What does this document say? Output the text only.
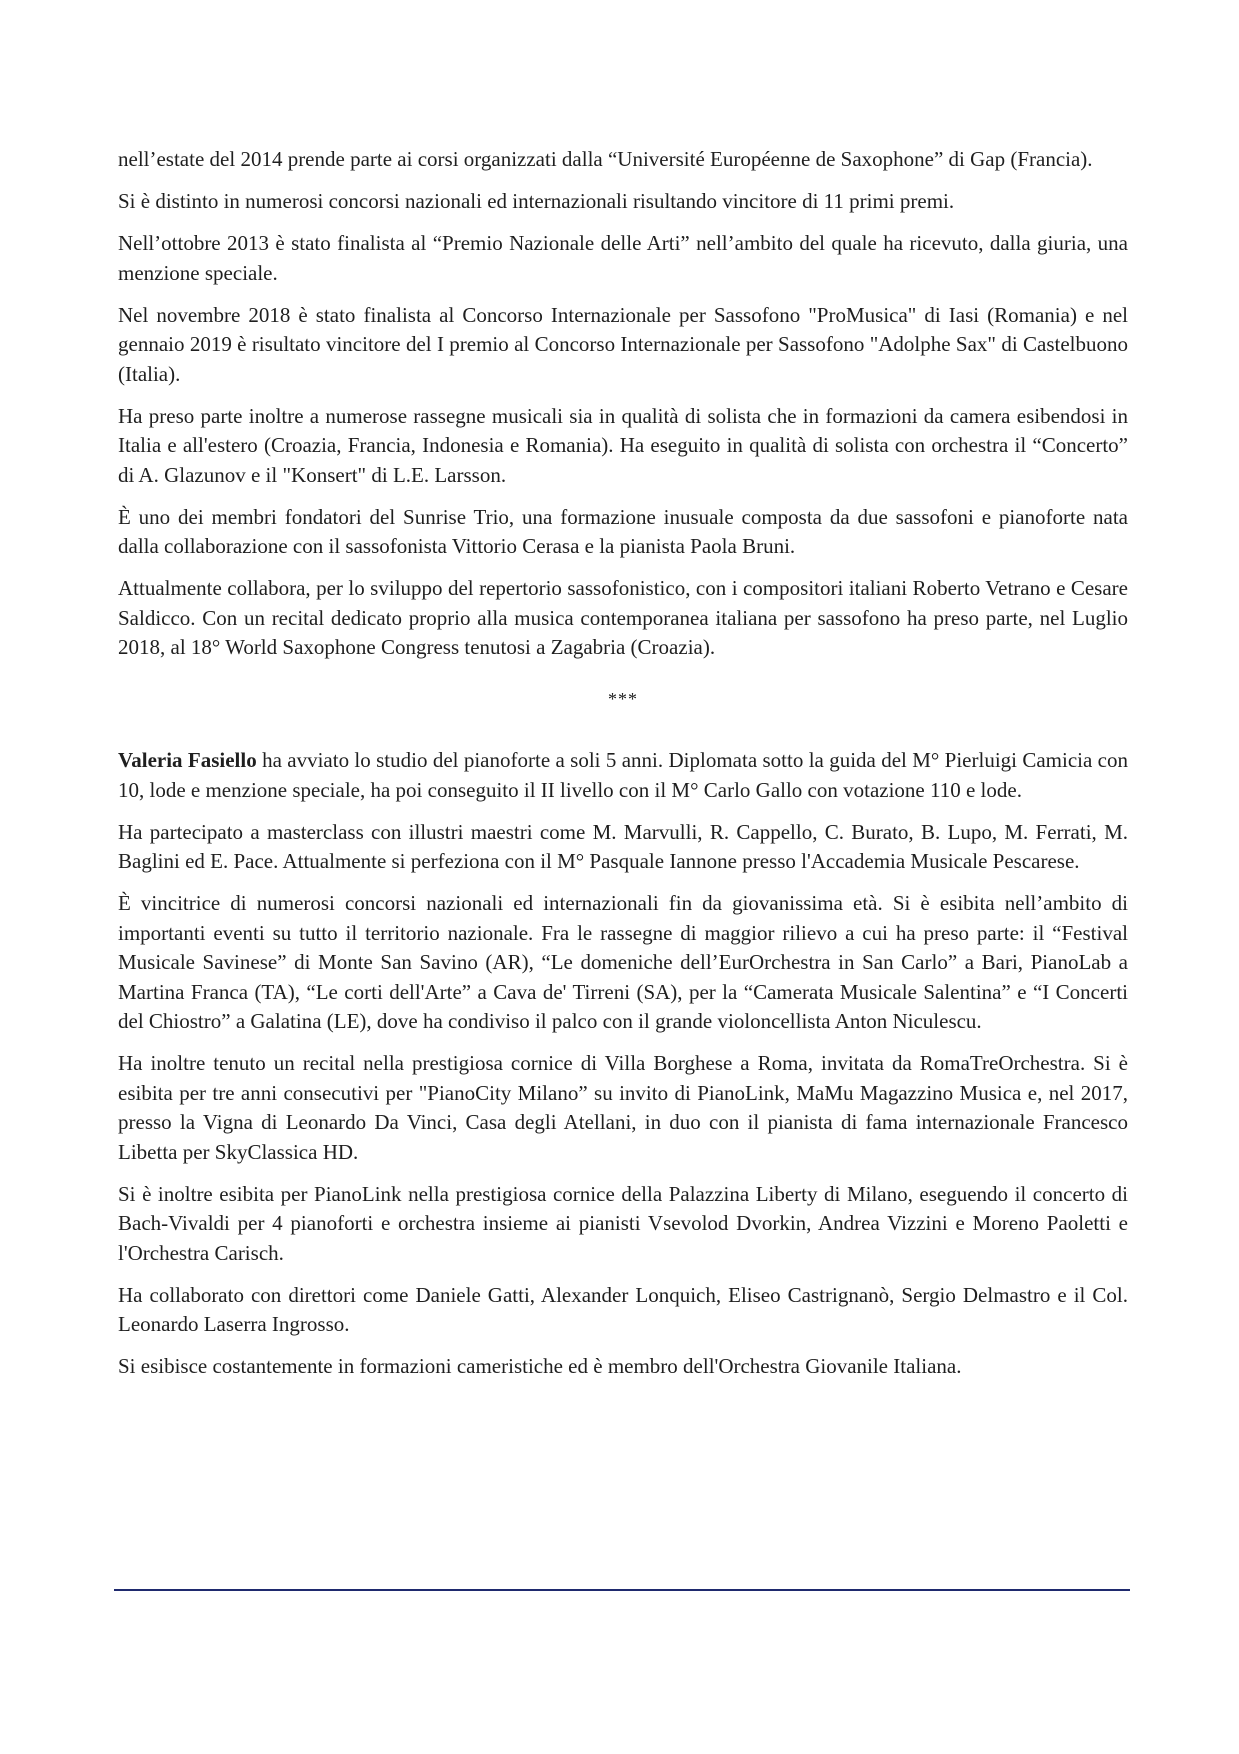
nell’estate del 2014 prende parte ai corsi organizzati dalla “Université Européenne de Saxophone” di Gap (Francia).

Si è distinto in numerosi concorsi nazionali ed internazionali risultando vincitore di 11 primi premi.

Nell’ottobre 2013 è stato finalista al “Premio Nazionale delle Arti” nell’ambito del quale ha ricevuto, dalla giuria, una menzione speciale.

Nel novembre 2018 è stato finalista al Concorso Internazionale per Sassofono "ProMusica" di Iasi (Romania) e nel gennaio 2019 è risultato vincitore del I premio al Concorso Internazionale per Sassofono "Adolphe Sax" di Castelbuono (Italia).

Ha preso parte inoltre a numerose rassegne musicali sia in qualità di solista che in formazioni da camera esibendosi in Italia e all'estero (Croazia, Francia, Indonesia e Romania). Ha eseguito in qualità di solista con orchestra il “Concerto” di A. Glazunov e il "Konsert" di L.E. Larsson.

È uno dei membri fondatori del Sunrise Trio, una formazione inusuale composta da due sassofoni e pianoforte nata dalla collaborazione con il sassofonista Vittorio Cerasa e la pianista Paola Bruni.

Attualmente collabora, per lo sviluppo del repertorio sassofonistico, con i compositori italiani Roberto Vetrano e Cesare Saldicco. Con un recital dedicato proprio alla musica contemporanea italiana per sassofono ha preso parte, nel Luglio 2018, al 18° World Saxophone Congress tenutosi a Zagabria (Croazia).

***

Valeria Fasiello ha avviato lo studio del pianoforte a soli 5 anni. Diplomata sotto la guida del M° Pierluigi Camicia con 10, lode e menzione speciale, ha poi conseguito il II livello con il M° Carlo Gallo con votazione 110 e lode.

Ha partecipato a masterclass con illustri maestri come M. Marvulli, R. Cappello, C. Burato, B. Lupo, M. Ferrati, M. Baglini ed E. Pace. Attualmente si perfeziona con il M° Pasquale Iannone presso l'Accademia Musicale Pescarese.

È vincitrice di numerosi concorsi nazionali ed internazionali fin da giovanissima età. Si è esibita nell’ambito di importanti eventi su tutto il territorio nazionale. Fra le rassegne di maggior rilievo a cui ha preso parte: il “Festival Musicale Savinese” di Monte San Savino (AR), “Le domeniche dell’EurOrchestra in San Carlo” a Bari, PianoLab a Martina Franca (TA), “Le corti dell'Arte” a Cava de' Tirreni (SA), per la “Camerata Musicale Salentina” e “I Concerti del Chiostro” a Galatina (LE), dove ha condiviso il palco con il grande violoncellista Anton Niculescu.

Ha inoltre tenuto un recital nella prestigiosa cornice di Villa Borghese a Roma, invitata da RomaTreOrchestra. Si è esibita per tre anni consecutivi per "PianoCity Milano” su invito di PianoLink, MaMu Magazzino Musica e, nel 2017, presso la Vigna di Leonardo Da Vinci, Casa degli Atellani, in duo con il pianista di fama internazionale Francesco Libetta per SkyClassica HD.

Si è inoltre esibita per PianoLink nella prestigiosa cornice della Palazzina Liberty di Milano, eseguendo il concerto di Bach-Vivaldi per 4 pianoforti e orchestra insieme ai pianisti Vsevolod Dvorkin, Andrea Vizzini e Moreno Paoletti e l'Orchestra Carisch.

Ha collaborato con direttori come Daniele Gatti, Alexander Lonquich, Eliseo Castrignanò, Sergio Delmastro e il Col. Leonardo Laserra Ingrosso.

Si esibisce costantemente in formazioni cameristiche ed è membro dell'Orchestra Giovanile Italiana.
